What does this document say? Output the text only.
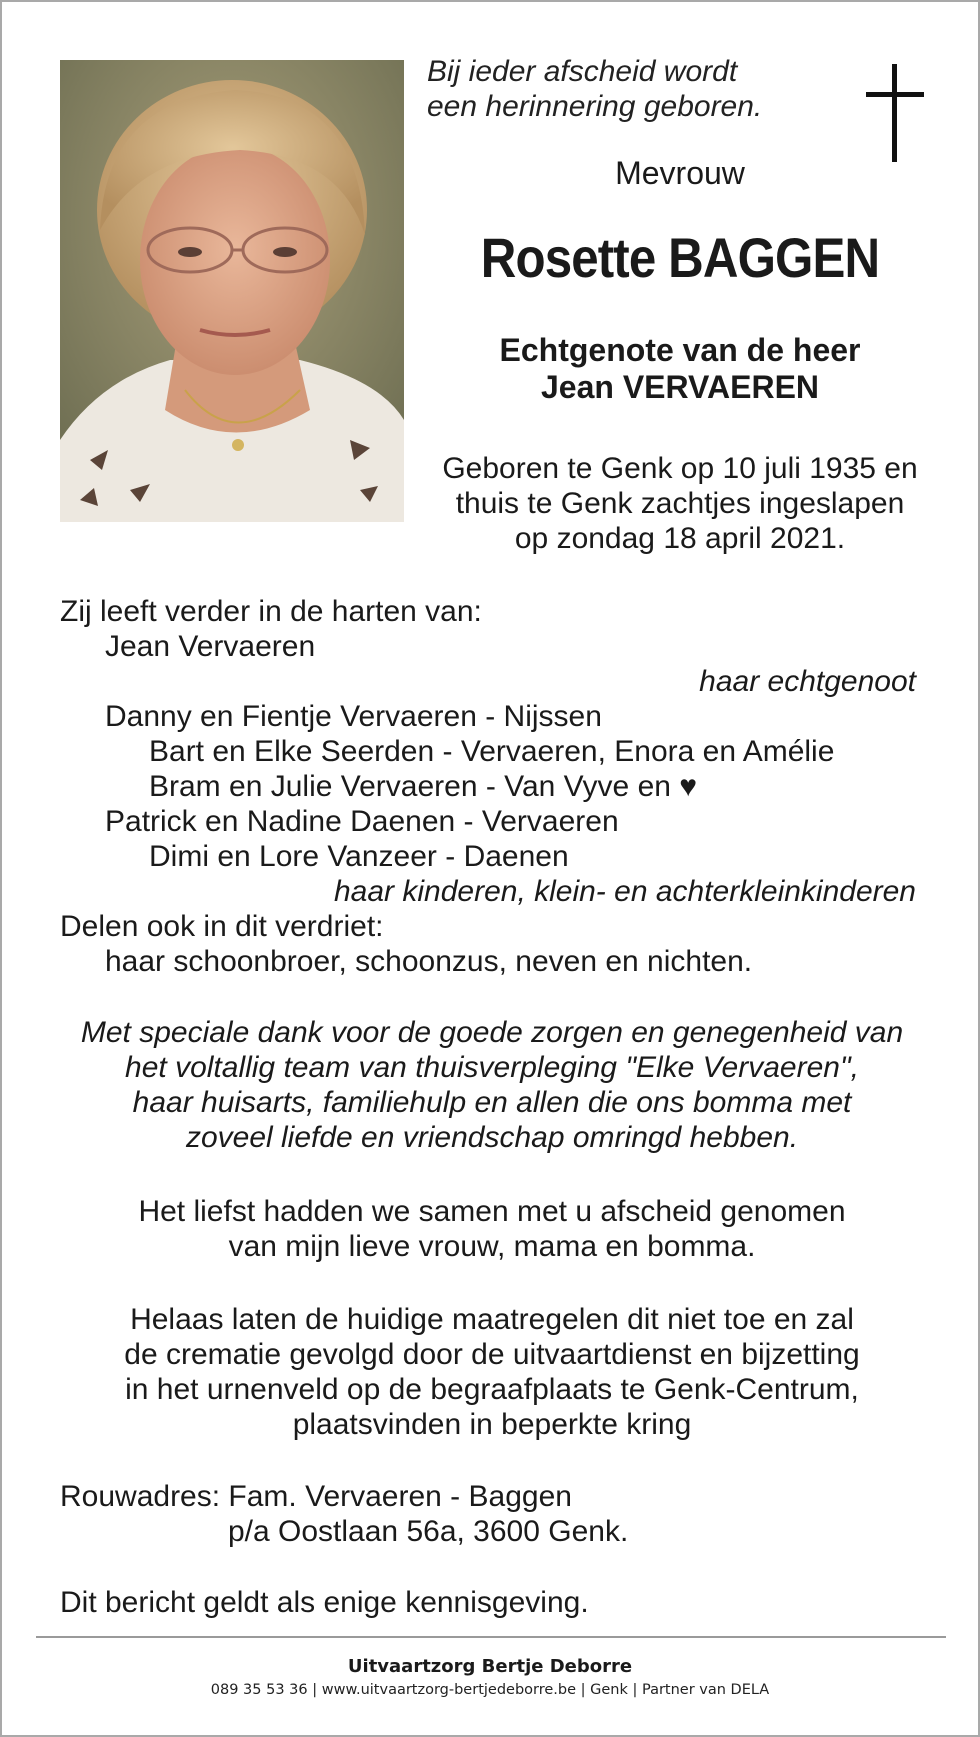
Bij ieder afscheid wordt
een herinnering geboren.
Mevrouw
Rosette BAGGEN
Echtgenote van de heer
Jean VERVAEREN
Geboren te Genk op 10 juli 1935 en
thuis te Genk zachtjes ingeslapen
op zondag 18 april 2021.
Zij leeft verder in de harten van:
Jean Vervaeren
haar echtgenoot
Danny en Fientje Vervaeren - Nijssen
Bart en Elke Seerden - Vervaeren, Enora en Amélie
Bram en Julie Vervaeren - Van Vyve en ♥
Patrick en Nadine Daenen - Vervaeren
Dimi en Lore Vanzeer - Daenen
haar kinderen, klein- en achterkleinkinderen
Delen ook in dit verdriet:
haar schoonbroer, schoonzus, neven en nichten.
Met speciale dank voor de goede zorgen en genegenheid van
het voltallig team van thuisverpleging "Elke Vervaeren",
haar huisarts, familiehulp en allen die ons bomma met
zoveel liefde en vriendschap omringd hebben.
Het liefst hadden we samen met u afscheid genomen
van mijn lieve vrouw, mama en bomma.
Helaas laten de huidige maatregelen dit niet toe en zal
de crematie gevolgd door de uitvaartdienst en bijzetting
in het urnenveld op de begraafplaats te Genk-Centrum,
plaatsvinden in beperkte kring
Rouwadres: Fam. Vervaeren - Baggen
p/a Oostlaan 56a, 3600 Genk.
Dit bericht geldt als enige kennisgeving.
Uitvaartzorg Bertje Deborre
089 35 53 36 | www.uitvaartzorg-bertjedeborre.be | Genk | Partner van DELA
